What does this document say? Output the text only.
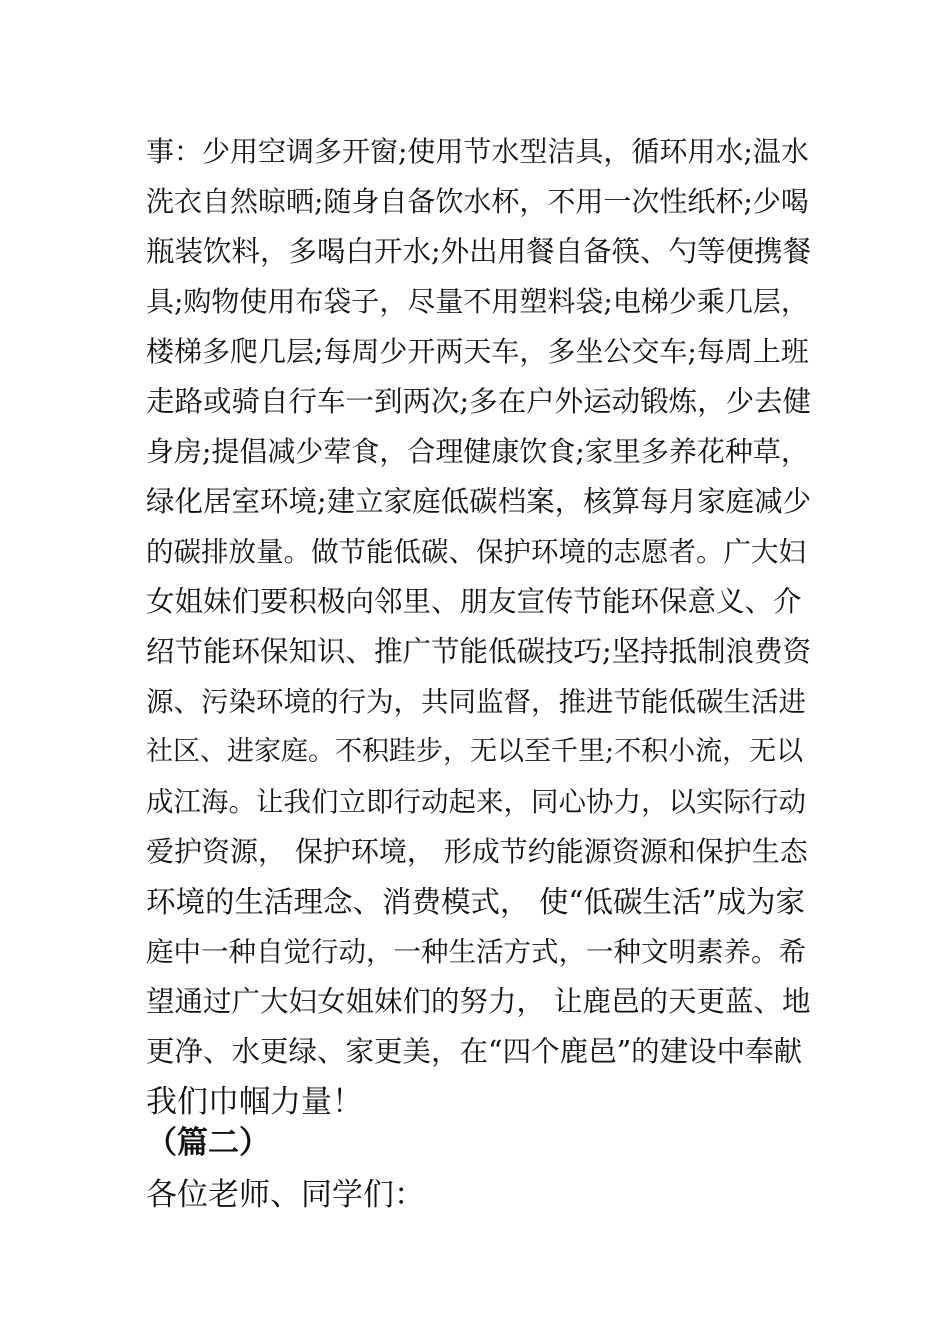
事：少用空调多开窗;使用节水型洁具，循环用水;温水
洗衣自然晾晒;随身自备饮水杯，不用一次性纸杯;少喝
瓶装饮料，多喝白开水;外出用餐自备筷、勺等便携餐
具;购物使用布袋子，尽量不用塑料袋;电梯少乘几层，
楼梯多爬几层;每周少开两天车，多坐公交车;每周上班
走路或骑自行车一到两次;多在户外运动锻炼，少去健
身房;提倡减少荤食，合理健康饮食;家里多养花种草，
绿化居室环境;建立家庭低碳档案，核算每月家庭减少
的碳排放量。做节能低碳、保护环境的志愿者。广大妇
女姐妹们要积极向邻里、朋友宣传节能环保意义、介
绍节能环保知识、推广节能低碳技巧;坚持抵制浪费资
源、污染环境的行为，共同监督，推进节能低碳生活进
社区、进家庭。不积跬步，无以至千里;不积小流，无以
成江海。让我们立即行动起来，同心协力，以实际行动
爱护资源， 保护环境， 形成节约能源资源和保护生态
环境的生活理念、消费模式， 使“低碳生活”成为家
庭中一种自觉行动，一种生活方式，一种文明素养。希
望通过广大妇女姐妹们的努力， 让鹿邑的天更蓝、地
更净、水更绿、家更美，在“四个鹿邑”的建设中奉献
我们巾帼力量！
（篇二）
各位老师、同学们：
